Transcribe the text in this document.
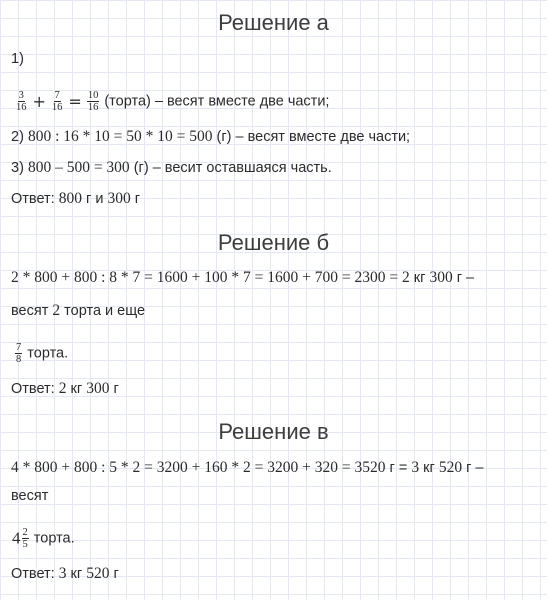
Решение а
1)
$\frac{3}{16} + \frac{7}{16} = \frac{10}{16}$ (торта) – весят вместе две части;
2) 800 : 16 * 10 = 50 * 10 = 500 (г) – весят вместе две части;
3) 800 – 500 = 300 (г) – весит оставшаяся часть.
Ответ: 800 г и 300 г
Решение б
2 * 800 + 800 : 8 * 7 = 1600 + 100 * 7 = 1600 + 700 = 2300 = 2 кг 300 г –
весят 2 торта и еще
$\frac{7}{8}$ торта.
Ответ: 2 кг 300 г
Решение в
4 * 800 + 800 : 5 * 2 = 3200 + 160 * 2 = 3200 + 320 = 3520 г = 3 кг 520 г –
весят
$4 \frac{2}{5}$ торта.
Ответ: 3 кг 520 г
